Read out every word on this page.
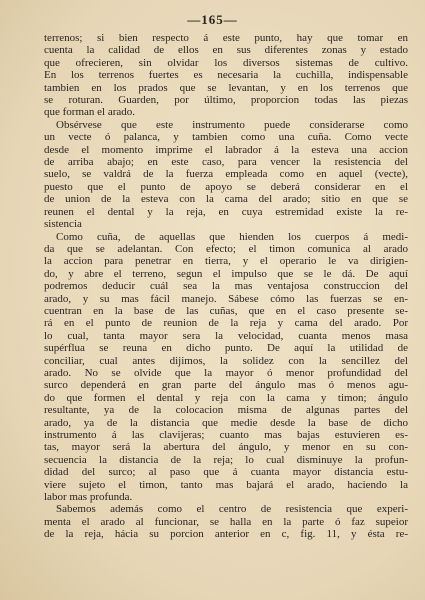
—165—
terrenos; si bien respecto á este punto, hay que tomar en
cuenta la calidad de ellos en sus diferentes zonas y estado
que ofrecieren, sin olvidar los diversos sistemas de cultivo.
En los terrenos fuertes es necesaria la cuchilla, indispensable
tambien en los prados que se levantan, y en los terrenos que
se roturan. Guarden, por último, proporcion todas las piezas
que forman el arado.
Obsérvese que este instrumento puede considerarse como
un vecte ó palanca, y tambien como una cuña. Como vecte
desde el momento imprime el labrador á la esteva una accion
de arriba abajo; en este caso, para vencer la resistencia del
suelo, se valdrá de la fuerza empleada como en aquel (vecte),
puesto que el punto de apoyo se deberá considerar en el
de union de la esteva con la cama del arado; sitio en que se
reunen el dental y la reja, en cuya estremidad existe la re-
sistencia
Como cuña, de aquellas que hienden los cuerpos á medi-
da que se adelantan. Con efecto; el timon comunica al arado
la accion para penetrar en tierra, y el operario le va dirigien-
do, y abre el terreno, segun el impulso que se le dá. De aquí
podremos deducir cuál sea la mas ventajosa construccion del
arado, y su mas fácil manejo. Sábese cómo las fuerzas se en-
cuentran en la base de las cuñas, que en el caso presente se-
rá en el punto de reunion de la reja y cama del arado. Por
lo cual, tanta mayor sera la velocidad, cuanta menos masa
supérflua se reuna en dicho punto. De aquí la utilidad de
conciliar, cual antes dijimos, la solidez con la sencillez del
arado. No se olvide que la mayor ó menor profundidad del
surco dependerá en gran parte del ángulo mas ó menos agu-
do que formen el dental y reja con la cama y timon; ángulo
resultante, ya de la colocacion misma de algunas partes del
arado, ya de la distancia que medie desde la base de dicho
instrumento á las clavijeras; cuanto mas bajas estuvieren es-
tas, mayor será la abertura del ángulo, y menor en su con-
secuencia la distancia de la reja; lo cual disminuye la profun-
didad del surco; al paso que á cuanta mayor distancia estu-
viere sujeto el timon, tanto mas bajará el arado, haciendo la
labor mas profunda.
Sabemos además como el centro de resistencia que experi-
menta el arado al funcionar, se halla en la parte ó faz supeior
de la reja, hácia su porcion anterior en c, fig. 11, y ésta re-
